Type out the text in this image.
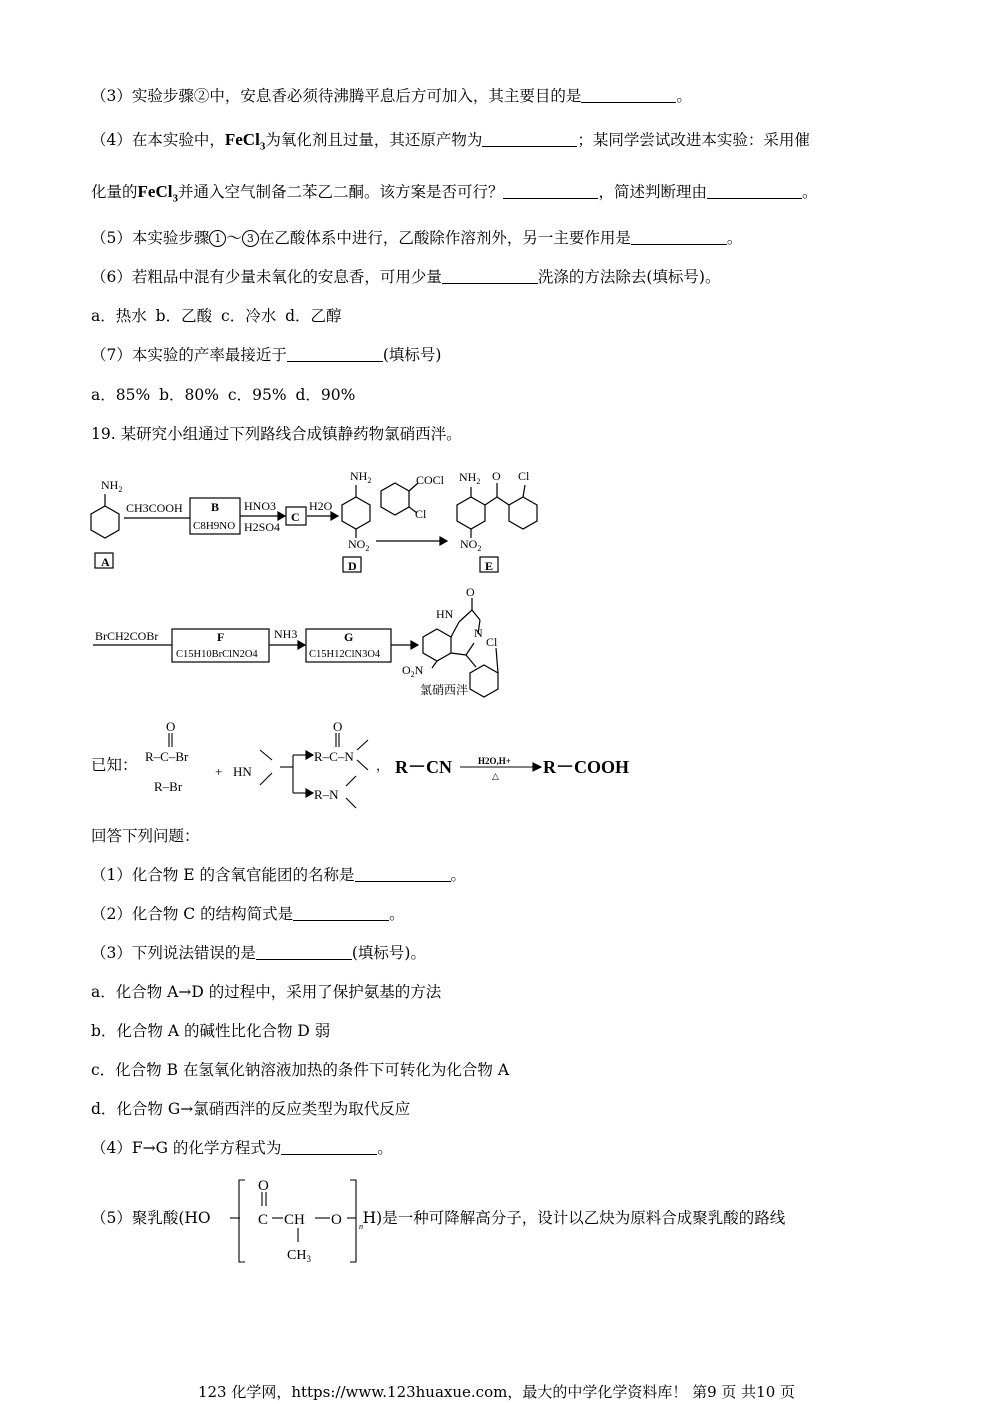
（3）实验步骤②中，安息香必须待沸腾平息后方可加入，其主要目的是	。
（4）在本实验中，FeCl$_3$为氧化剂且过量，其还原产物为	；某同学尝试改进本实验：采用催
化量的FeCl$_3$并通入空气制备二苯乙二酮。该方案是否可行？	，简述判断理由	。
（5）本实验步骤 1 ～ 3 在乙酸体系中进行，乙酸除作溶剂外，另一主要作用是	。
（6）若粗品中混有少量未氧化的安息香，可用少量	洗涤的方法除去(填标号)。
a．热水 b．乙酸 c．冷水 d．乙醇
（7）本实验的产率最接近于	(填标号)
a．85% b．80% c．95% d．90%
19. 某研究小组通过下列路线合成镇静药物氯硝西泮。
$NH_2$
A
CH3COOH B
C8H9NO
HNO3
H2SO4
C
H2O
$NH_2$
$NO_2$
D
COCl
Cl
$NH_2$ O Cl
$NO_2$
E
BrCH2COBr	F
C15H10BrClN2O4
NH3	G
C15H12ClN3O4
HN
O
N
Cl
$O_2N$
氯硝西泮
已知：
O
R–C–Br
R–Br
+ HN
O
R–C–N
R–N
， R－CN	H2O,H+
△ R－COOH
回答下列问题：
（1）化合物 E 的含氧官能团的名称是	。
（2）化合物 C 的结构简式是	。
（3）下列说法错误的是	(填标号)。
a．化合物 A→D 的过程中，采用了保护氨基的方法
b．化合物 A 的碱性比化合物 D 弱
c．化合物 B 在氢氧化钠溶液加热的条件下可转化为化合物 A
d．化合物 G→氯硝西泮的反应类型为取代反应
（4）F→G 的化学方程式为	。
（5）聚乳酸(HO	H)是一种可降解高分子，设计以乙炔为原料合成聚乳酸的路线
O
C CH O
$CH_3$
n
123 化学网，https://www.123huaxue.com，最大的中学化学资料库！ 第9 页 共10 页
